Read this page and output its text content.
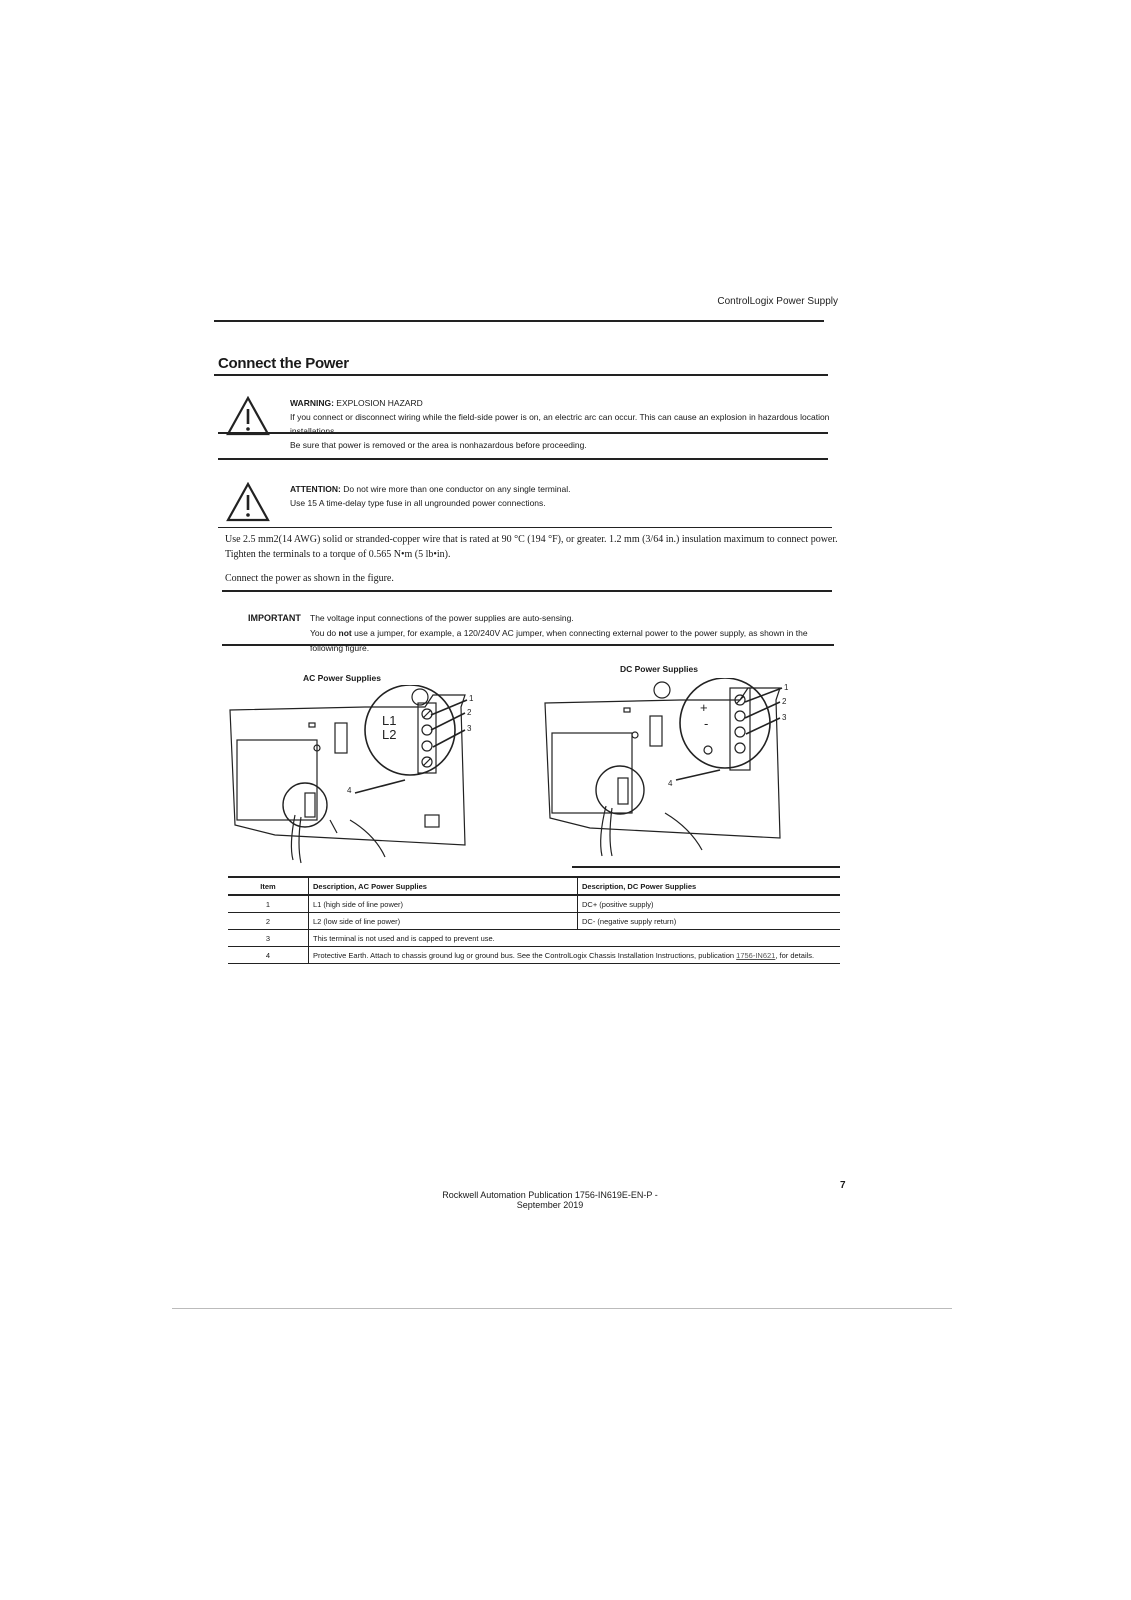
ControlLogix Power Supply
Connect the Power
WARNING: EXPLOSION HAZARD
If you connect or disconnect wiring while the field-side power is on, an electric arc can occur. This can cause an explosion in hazardous location installations.
Be sure that power is removed or the area is nonhazardous before proceeding.
ATTENTION: Do not wire more than one conductor on any single terminal.
Use 15 A time-delay type fuse in all ungrounded power connections.
Use 2.5 mm2(14 AWG) solid or stranded-copper wire that is rated at 90 °C (194 °F), or greater. 1.2 mm (3/64 in.) insulation maximum to connect power. Tighten the terminals to a torque of 0.565 N•m (5 lb•in).
Connect the power as shown in the figure.
IMPORTANT The voltage input connections of the power supplies are auto-sensing.
You do not use a jumper, for example, a 120/240V AC jumper, when connecting external power to the power supply, as shown in the following figure.
AC Power Supplies
DC Power Supplies
1
2
3
4
L1
L2
1
2
3
4
+
-
Item	Description, AC Power Supplies	Description, DC Power Supplies
1	L1 (high side of line power)	DC+ (positive supply)
2	L2 (low side of line power)	DC- (negative supply return)
3	This terminal is not used and is capped to prevent use.	
4	Protective Earth. Attach to chassis ground lug or ground bus. See the ControlLogix Chassis Installation Instructions, publication 1756-IN621, for details.	
Rockwell Automation Publication 1756-IN619E-EN-P - September 2019
7
